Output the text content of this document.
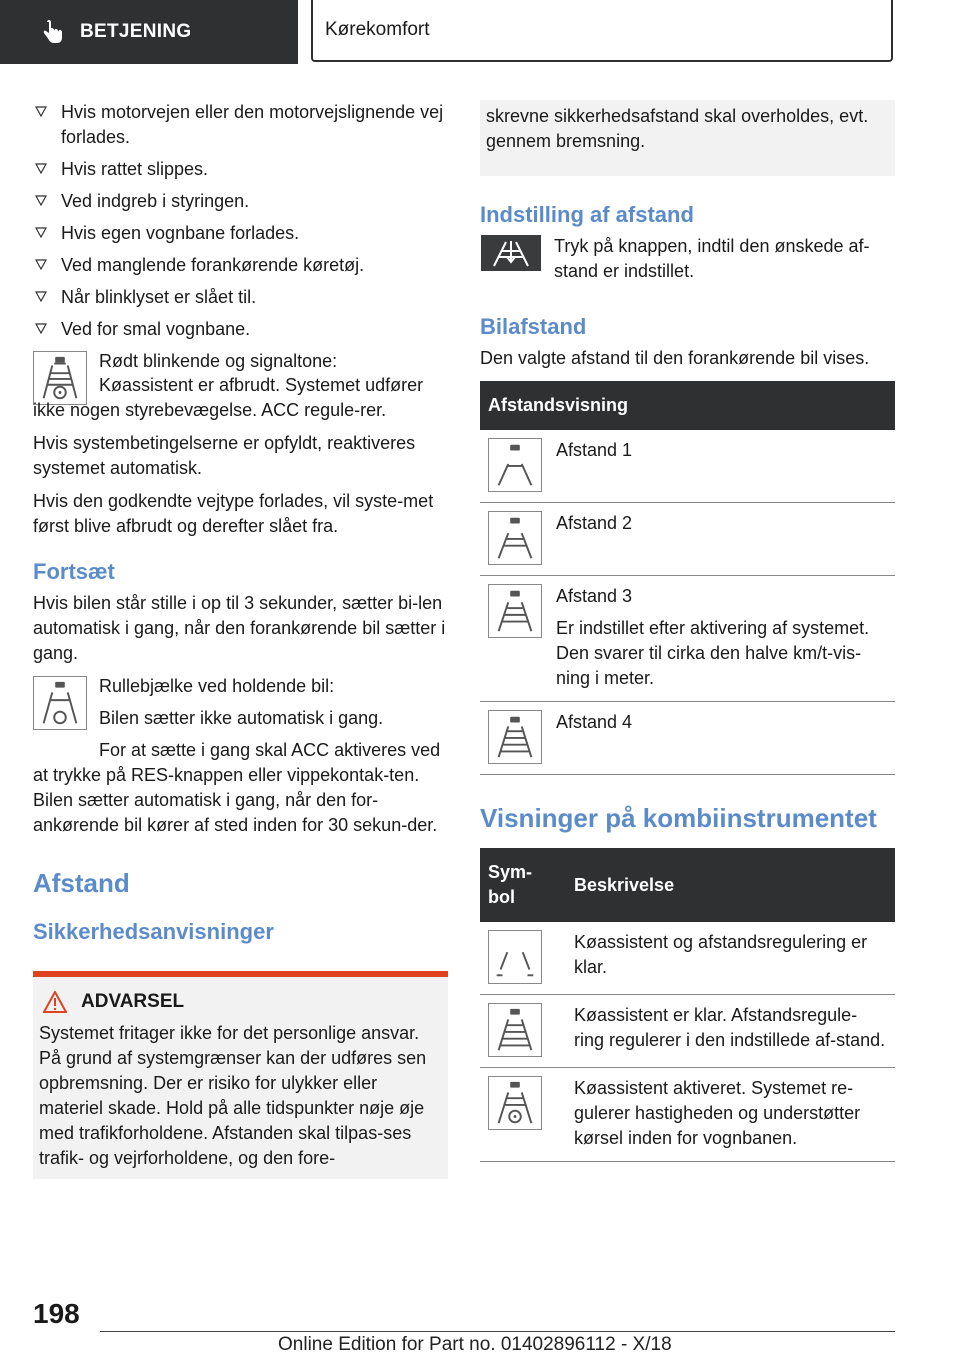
BETJENING	Kørekomfort
Hvis motorvejen eller den motorvejslignende vej forlades.
Hvis rattet slippes.
Ved indgreb i styringen.
Hvis egen vognbane forlades.
Ved manglende forankørende køretøj.
Når blinklyset er slået til.
Ved for smal vognbane.

Rødt blinkende og signaltone:

Køassistent er afbrudt. Systemet udfører ikke nogen styrebevægelse. ACC regule-rer.

Hvis systembetingelserne er opfyldt, reaktiveres systemet automatisk.

Hvis den godkendte vejtype forlades, vil syste-met først blive afbrudt og derefter slået fra.

Fortsæt

Hvis bilen står stille i op til 3 sekunder, sætter bi-len automatisk i gang, når den forankørende bil sætter i gang.

Rullebjælke ved holdende bil:

Bilen sætter ikke automatisk i gang.

For at sætte i gang skal ACC aktiveres ved at trykke på RES-knappen eller vippekontak-ten. Bilen sætter automatisk i gang, når den for-ankørende bil kører af sted inden for 30 sekun-der.

Afstand
Sikkerhedsanvisninger
ADVARSEL

Systemet fritager ikke for det personlige ansvar. På grund af systemgrænser kan der udføres sen opbremsning. Der er risiko for ulykker eller materiel skade. Hold på alle tidspunkter nøje øje med trafikforholdene. Afstanden skal tilpas-ses trafik- og vejrforholdene, og den fore-

skrevne sikkerhedsafstand skal overholdes, evt. gennem bremsning.

Indstilling af afstand

Tryk på knappen, indtil den ønskede af-stand er indstillet.

Bilafstand

Den valgte afstand til den forankørende bil vises.

Afstandsvisning	

	Afstand 1

	Afstand 2

Afstand 3

Er indstillet efter aktivering af systemet. Den svarer til cirka den halve km/t-vis-ning i meter.

	Afstand 4
Visninger på kombiinstrumentet
Sym-bol	Beskrivelse

	Køassistent og afstandsregulering er klar.

	Køassistent er klar. Afstandsregule-ring regulerer i den indstillede af-stand.

	Køassistent aktiveret. Systemet re-gulerer hastigheden og understøtter kørsel inden for vognbanen.
198
Online Edition for Part no. 01402896112 - X/18
